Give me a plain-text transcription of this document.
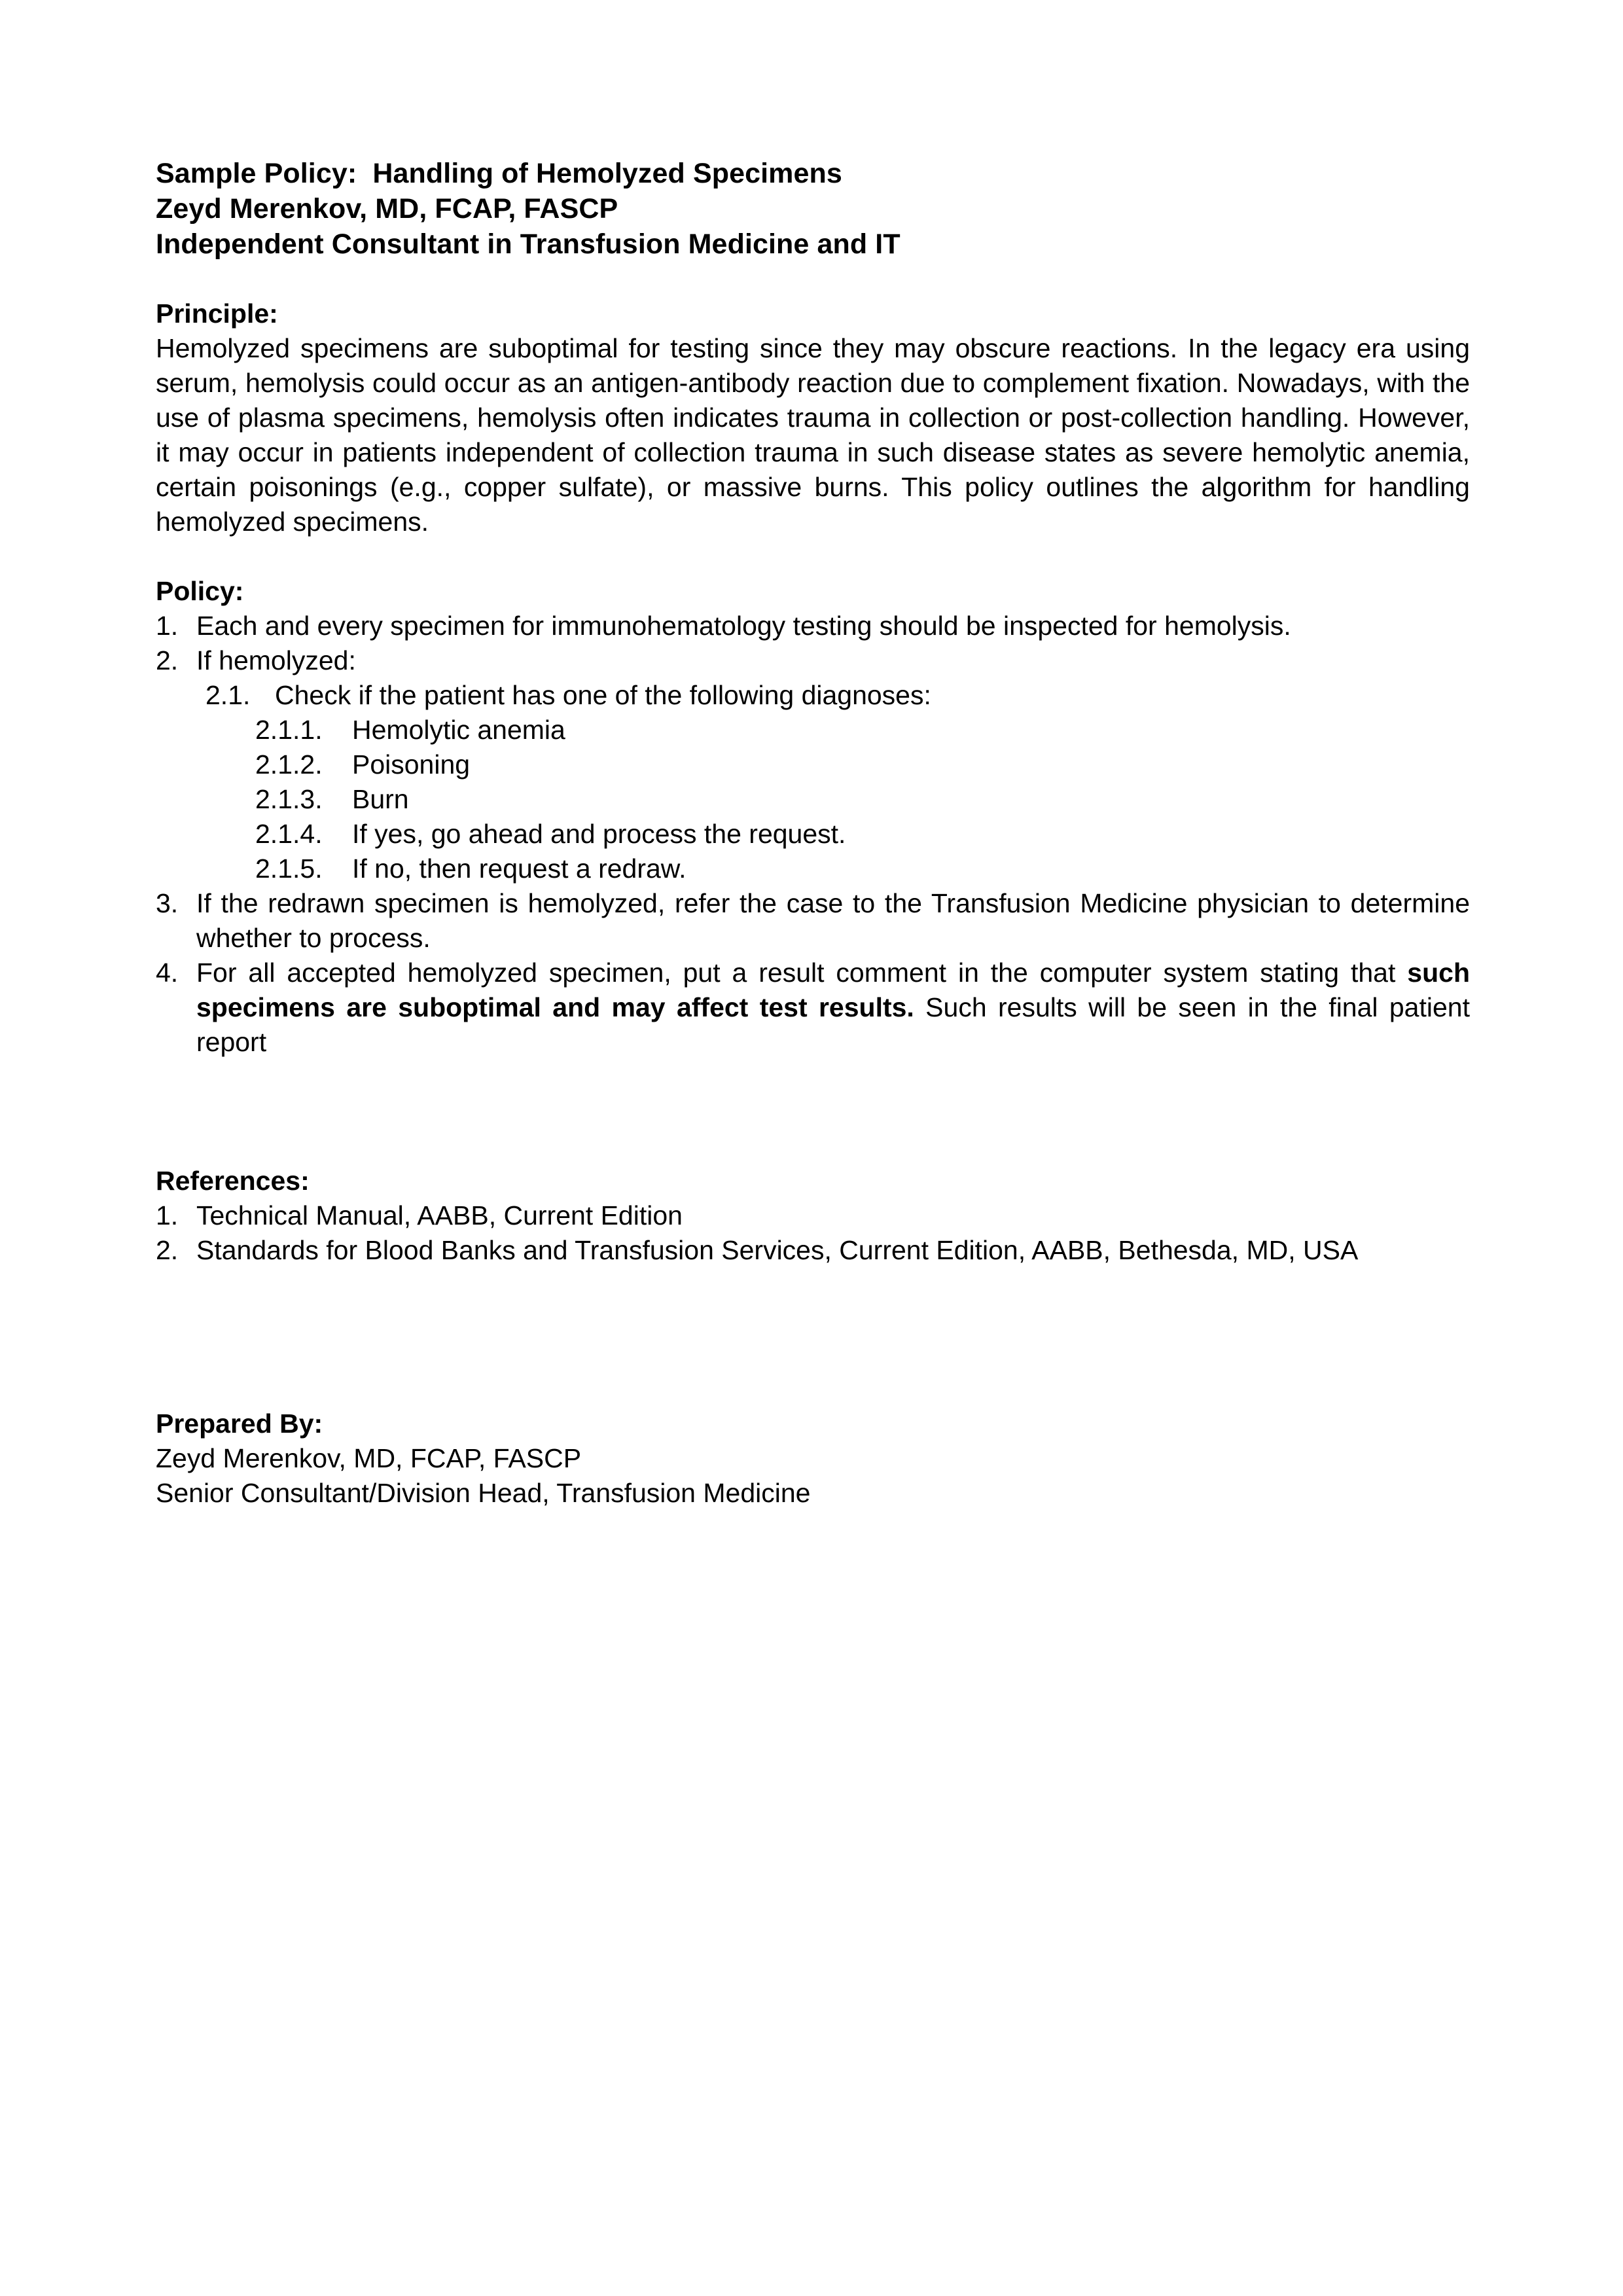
Sample Policy:  Handling of Hemolyzed Specimens
Zeyd Merenkov, MD, FCAP, FASCP
Independent Consultant in Transfusion Medicine and IT
Principle:

Hemolyzed specimens are suboptimal for testing since they may obscure reactions. In the legacy era using serum, hemolysis could occur as an antigen-antibody reaction due to complement fixation. Nowadays, with the use of plasma specimens, hemolysis often indicates trauma in collection or post-collection handling. However, it may occur in patients independent of collection trauma in such disease states as severe hemolytic anemia, certain poisonings (e.g., copper sulfate), or massive burns. This policy outlines the algorithm for handling hemolyzed specimens.

Policy:
1. Each and every specimen for immunohematology testing should be inspected for hemolysis.
2. If hemolyzed:
2.1. Check if the patient has one of the following diagnoses:
2.1.1.	Hemolytic anemia
2.1.2.	Poisoning
2.1.3.	Burn
2.1.4.	If yes, go ahead and process the request.
2.1.5.	If no, then request a redraw.
3. If the redrawn specimen is hemolyzed, refer the case to the Transfusion Medicine physician to determine whether to process.
4. For all accepted hemolyzed specimen, put a result comment in the computer system stating that such specimens are suboptimal and may affect test results. Such results will be seen in the final patient report
References:
1. Technical Manual, AABB, Current Edition
2. Standards for Blood Banks and Transfusion Services, Current Edition, AABB, Bethesda, MD, USA
Prepared By:
Zeyd Merenkov, MD, FCAP, FASCP
Senior Consultant/Division Head, Transfusion Medicine
